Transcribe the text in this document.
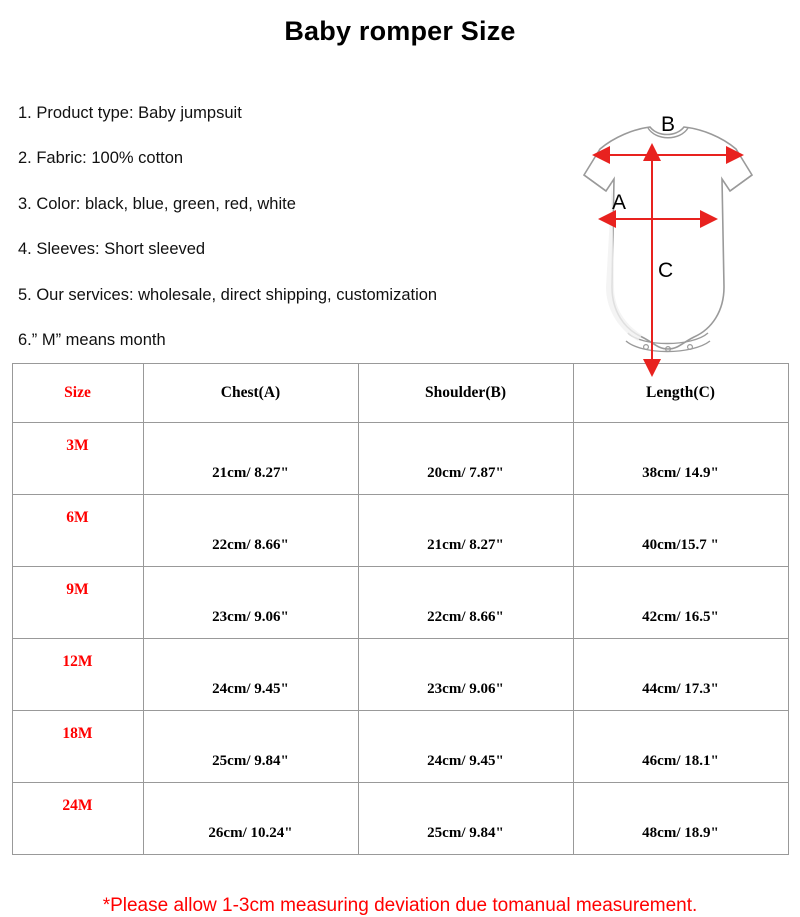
Baby romper Size
1. Product type: Baby jumpsuit
2. Fabric: 100% cotton
3. Color: black, blue, green, red, white
4. Sleeves: Short sleeved
5. Our services: wholesale, direct shipping, customization
6.” M” means month
B
A
C
Size	Chest(A)	Shoulder(B)	Length(C)
3M	21cm/ 8.27"	20cm/ 7.87"	38cm/ 14.9"
6M	22cm/ 8.66"	21cm/ 8.27"	40cm/15.7 "
9M	23cm/ 9.06"	22cm/ 8.66"	42cm/ 16.5"
12M	24cm/ 9.45"	23cm/ 9.06"	44cm/ 17.3"
18M	25cm/ 9.84"	24cm/ 9.45"	46cm/ 18.1"
24M	26cm/ 10.24"	25cm/ 9.84"	48cm/ 18.9"
*Please allow 1-3cm measuring deviation due tomanual measurement.
